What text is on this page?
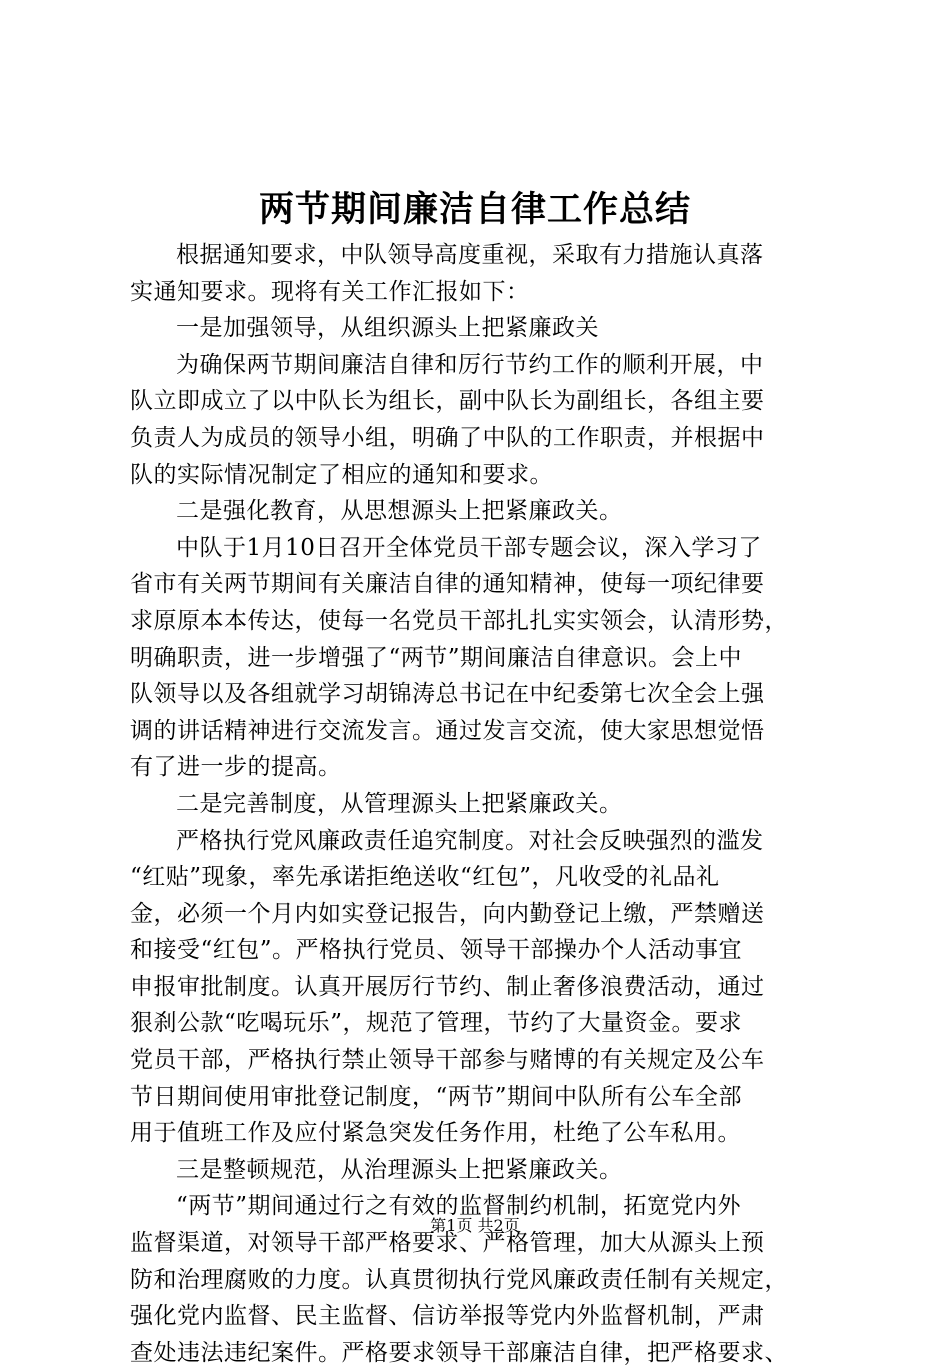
两节期间廉洁自律工作总结
根据通知要求，中队领导高度重视，采取有力措施认真落
实通知要求。现将有关工作汇报如下：
一是加强领导，从组织源头上把紧廉政关
为确保两节期间廉洁自律和厉行节约工作的顺利开展，中
队立即成立了以中队长为组长，副中队长为副组长，各组主要
负责人为成员的领导小组，明确了中队的工作职责，并根据中
队的实际情况制定了相应的通知和要求。
二是强化教育，从思想源头上把紧廉政关。
中队于1月10日召开全体党员干部专题会议，深入学习了
省市有关两节期间有关廉洁自律的通知精神，使每一项纪律要
求原原本本传达，使每一名党员干部扎扎实实领会，认清形势，
明确职责，进一步增强了“两节”期间廉洁自律意识。会上中
队领导以及各组就学习胡锦涛总书记在中纪委第七次全会上强
调的讲话精神进行交流发言。通过发言交流，使大家思想觉悟
有了进一步的提高。
二是完善制度，从管理源头上把紧廉政关。
严格执行党风廉政责任追究制度。对社会反映强烈的滥发
“红贴”现象，率先承诺拒绝送收“红包”，凡收受的礼品礼
金，必须一个月内如实登记报告，向内勤登记上缴，严禁赠送
和接受“红包”。严格执行党员、领导干部操办个人活动事宜
申报审批制度。认真开展厉行节约、制止奢侈浪费活动，通过
狠刹公款“吃喝玩乐”，规范了管理，节约了大量资金。要求
党员干部，严格执行禁止领导干部参与赌博的有关规定及公车
节日期间使用审批登记制度，“两节”期间中队所有公车全部
用于值班工作及应付紧急突发任务作用，杜绝了公车私用。
三是整顿规范，从治理源头上把紧廉政关。
“两节”期间通过行之有效的监督制约机制，拓宽党内外
监督渠道，对领导干部严格要求、严格管理，加大从源头上预
防和治理腐败的力度。认真贯彻执行党风廉政责任制有关规定，
强化党内监督、民主监督、信访举报等党内外监督机制，严肃
查处违法违纪案件。严格要求领导干部廉洁自律，把严格要求、
第1页 共2页
